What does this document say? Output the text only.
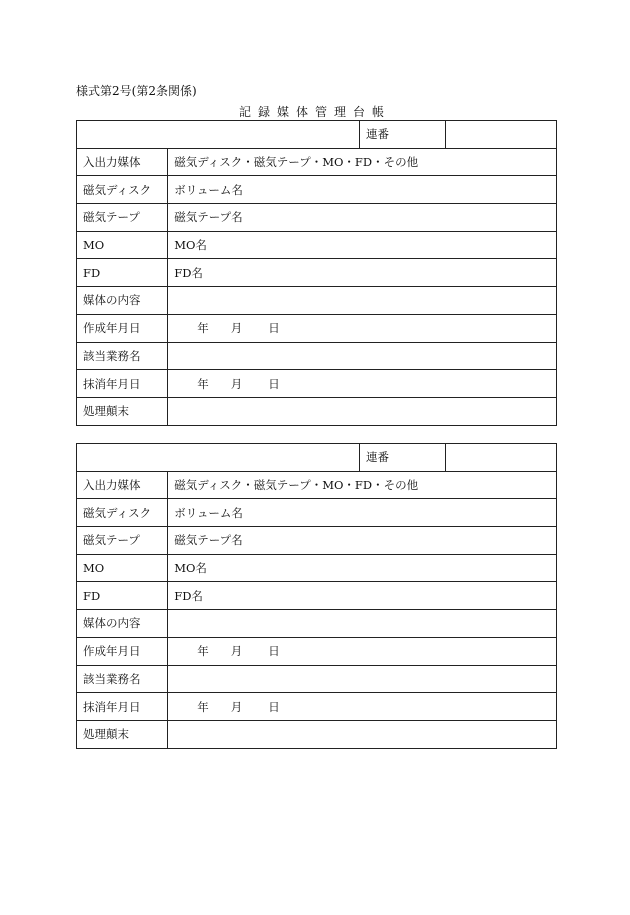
様式第2号(第2条関係)
記録媒体管理台帳
		連番	
入出力媒体	磁気ディスク・磁気テープ・MO・FD・その他		
磁気ディスク	ボリューム名		
磁気テープ	磁気テープ名		
MO	MO名		
FD	FD名		
媒体の内容			
作成年月日	年 月 日		
該当業務名			
抹消年月日	年 月 日		
処理顛末			
		連番	
入出力媒体	磁気ディスク・磁気テープ・MO・FD・その他		
磁気ディスク	ボリューム名		
磁気テープ	磁気テープ名		
MO	MO名		
FD	FD名		
媒体の内容			
作成年月日	年 月 日		
該当業務名			
抹消年月日	年 月 日		
処理顛末			
